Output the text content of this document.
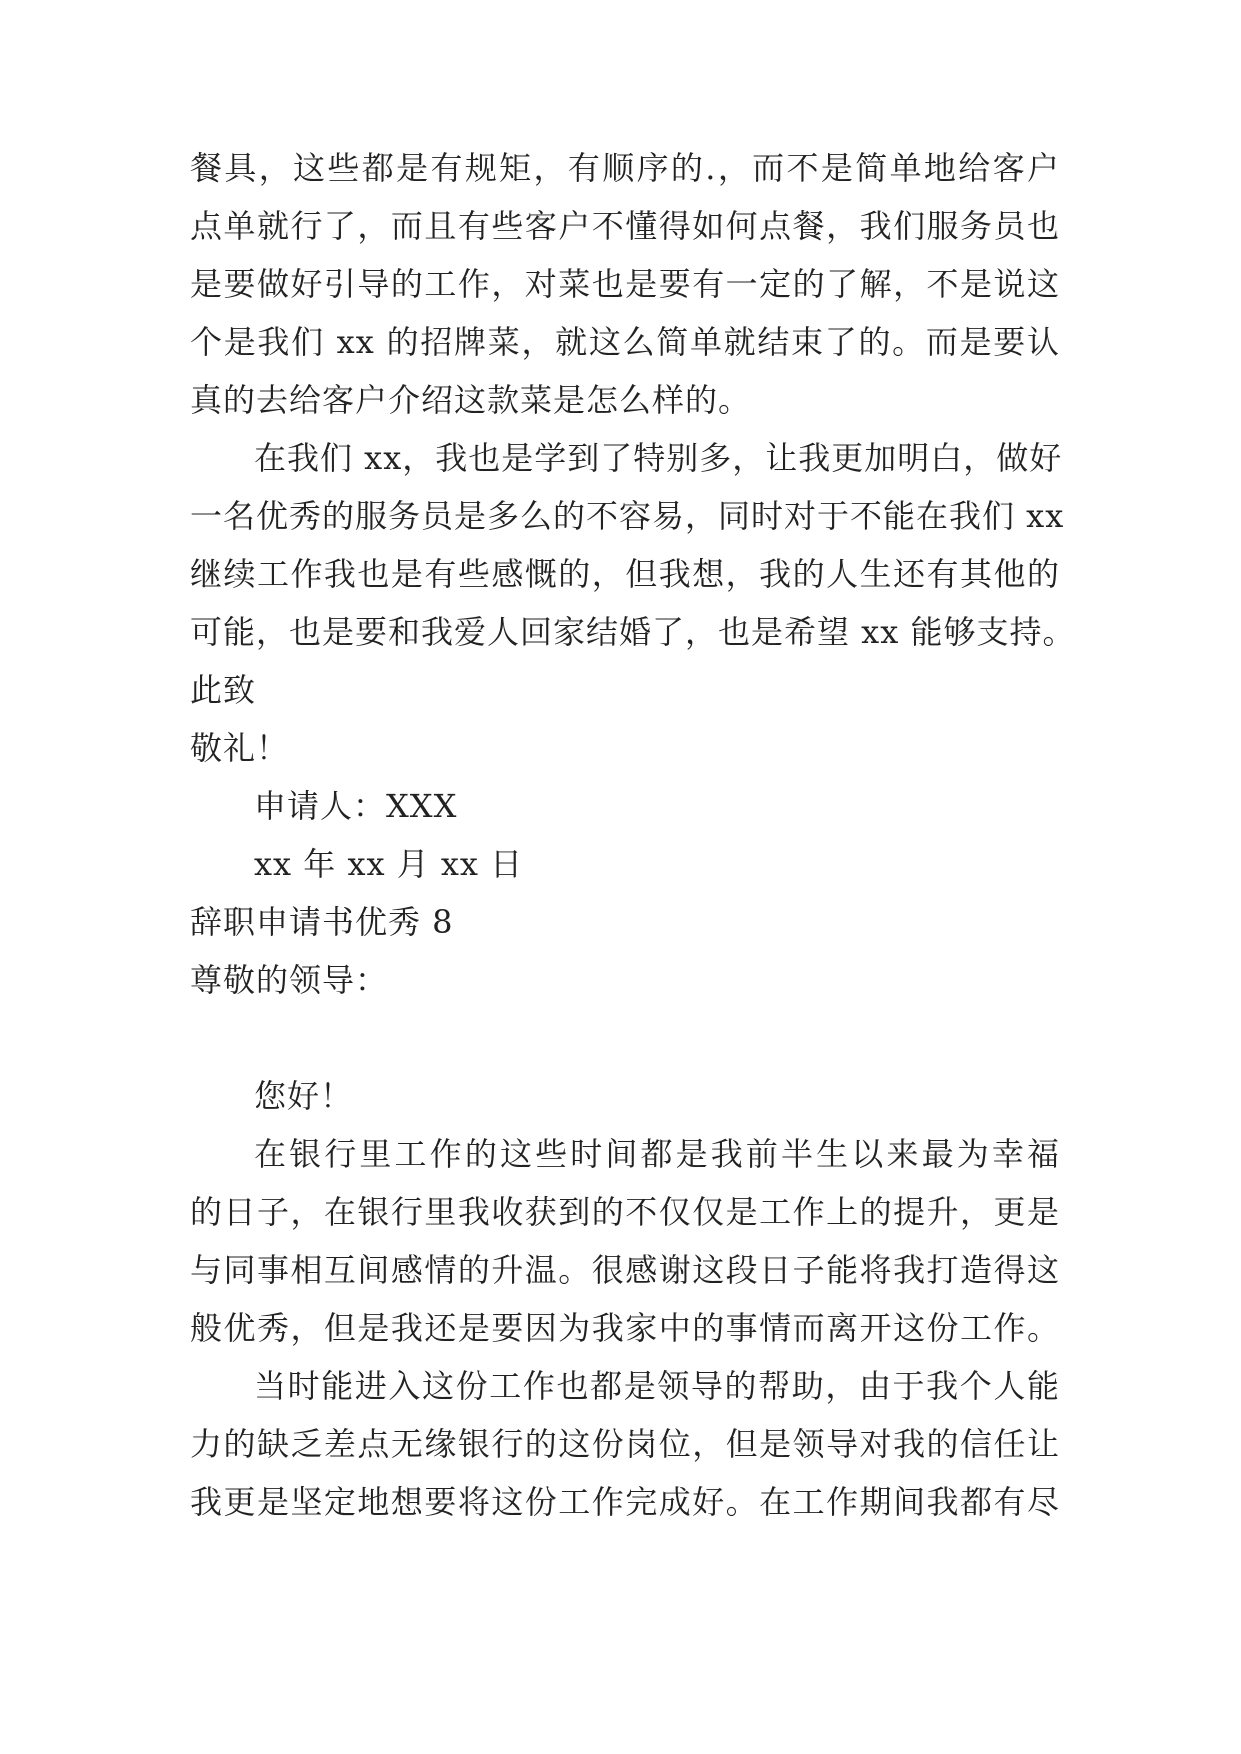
餐具，这些都是有规矩，有顺序的.，而不是简单地给客户
点单就行了，而且有些客户不懂得如何点餐，我们服务员也
是要做好引导的工作，对菜也是要有一定的了解，不是说这
个是我们 xx 的招牌菜，就这么简单就结束了的。而是要认
真的去给客户介绍这款菜是怎么样的。
在我们 xx，我也是学到了特别多，让我更加明白，做好
一名优秀的服务员是多么的不容易，同时对于不能在我们 xx
继续工作我也是有些感慨的，但我想，我的人生还有其他的
可能，也是要和我爱人回家结婚了，也是希望 xx 能够支持。
此致
敬礼！
申请人：XXX
xx 年 xx 月 xx 日
辞职申请书优秀 8
尊敬的领导：
您好！
在银行里工作的这些时间都是我前半生以来最为幸福
的日子，在银行里我收获到的不仅仅是工作上的提升，更是
与同事相互间感情的升温。很感谢这段日子能将我打造得这
般优秀，但是我还是要因为我家中的事情而离开这份工作。
当时能进入这份工作也都是领导的帮助，由于我个人能
力的缺乏差点无缘银行的这份岗位，但是领导对我的信任让
我更是坚定地想要将这份工作完成好。在工作期间我都有尽
